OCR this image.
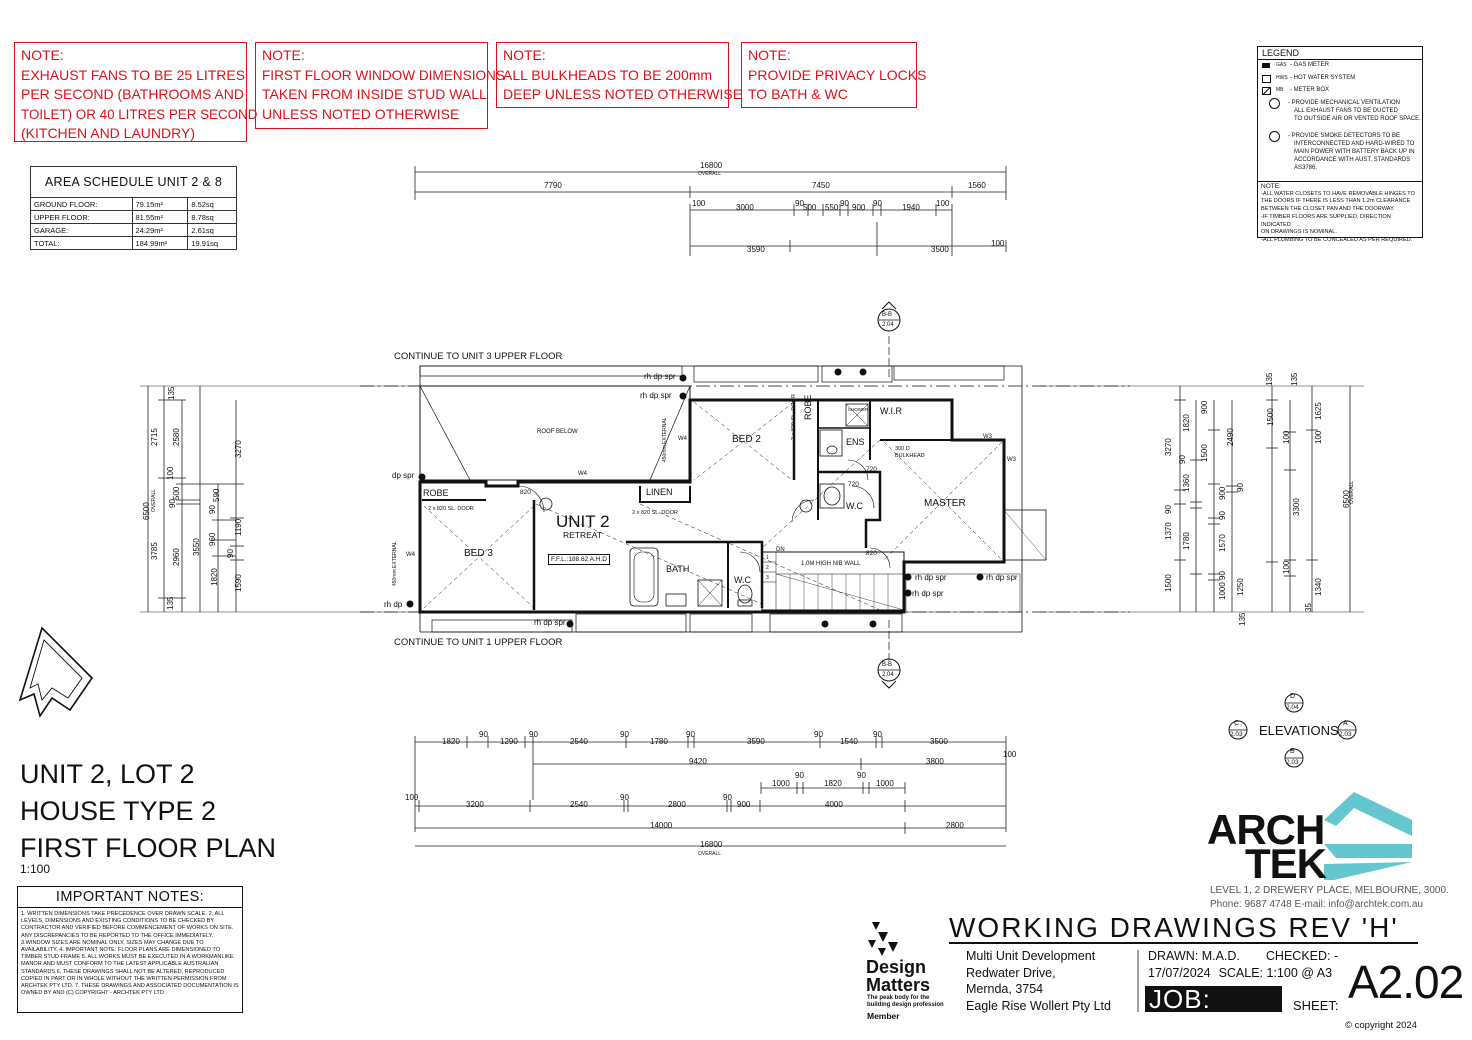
NOTE:
EXHAUST FANS TO BE 25 LITRES
PER SECOND (BATHROOMS AND
TOILET) OR 40 LITRES PER SECOND
(KITCHEN AND LAUNDRY)
NOTE:
FIRST FLOOR WINDOW DIMENSIONS
TAKEN FROM INSIDE STUD WALL
UNLESS NOTED OTHERWISE
NOTE:
ALL BULKHEADS TO BE 200mm
DEEP UNLESS NOTED OTHERWISE
NOTE:
PROVIDE PRIVACY LOCKS
TO BATH & WC
AREA SCHEDULE UNIT 2 & 8		
GROUND FLOOR:	79.15m²	8.52sq
UPPER FLOOR:	81.55m²	8.78sq
GARAGE:	24.29m²	2.61sq
TOTAL:	184.99m²	19.91sq
LEGEND
GAS - GAS METER
HWS - HOT WATER SYSTEM
MB - METER BOX
- PROVIDE MECHANICAL VENTILATION
ALL EXHAUST FANS TO BE DUCTED
TO OUTSIDE AIR OR VENTED ROOF SPACE.
- PROVIDE SMOKE DETECTORS TO BE
INTERCONNECTED AND HARD-WIRED TO
MAIN POWER WITH BATTERY BACK UP IN
ACCORDANCE WITH AUST. STANDARDS
AS3786.
NOTE:
-ALL WATER CLOSETS TO HAVE REMOVABLE HINGES TO
THE DOORS IF THERE IS LESS THAN 1.2m CLEARANCE
BETWEEN THE CLOSET PAN AND THE DOORWAY.
-IF TIMBER FLOORS ARE SUPPLIED, DIRECTION INDICATED
ON DRAWINGS IS NOMINAL.
-ALL PLUMBING TO BE CONCEALED AS PER REQUIRED.
CONTINUE TO UNIT 3 UPPER FLOOR
CONTINUE TO UNIT 1 UPPER FLOOR
ROOF BELOW
UNIT 2
RETREAT
F.F.L.:188.62 A.H.D
BED 2
BED 3
MASTER
ENS
W.I.R
LINEN
BATH
W.C
W.C
ROBE
ROBE
2 x 820 SL. DOOR
2 x 820 SL. DOOR
2 x 820 SL. DOOR
300 D BULKHEAD
1.0M HIGH NIB WALL
450mm EXTERNAL
450mm EXTERNAL
820
820
720
720
W4
W4
W4
W3
W3
DN
SHOWER
1
2
3
rh dp spr
rh dp spr
dp spr
rh dp
rh dp spr
rh dp spr	rh dp spr
rh dp spr
B-B
2.04
B-B
2.04
16800
OVERALL
7790	7450	1560
100	3000	90 500 550 90 900 90	1940 100
3590	3500
100
1820
90
1290
90
2540
90
1780
90
3590
90
1540
90
3500
100
9420	3800
90
1000	1820	1000
90
100
3200	2540
90
2800
90
900	4000
14000	2800
16800
OVERALL
6500 OVERALL
135
2715
100
3785
135
2580
500
90
2960
1820
3550
90
590
3270
1190
90
960
1590
6500
OVERALL
135
3270
90
1370
1500
135
1820
1360
90
1780
1000
900
1500
900
90
1570
90
1250
2490
90
100
100
3300
35
1500	1625
1340
135
100
ELEVATIONS
D
2.04
C
2.03
A
2.03
B
2.03
UNIT 2, LOT 2
HOUSE TYPE 2
FIRST FLOOR PLAN
1:100
IMPORTANT NOTES:
1. WRITTEN DIMENSIONS TAKE PRECEDENCE OVER DRAWN SCALE. 2. ALL LEVELS, DIMENSIONS AND EXISTING CONDITIONS TO BE CHECKED BY CONTRACTOR AND VERIFIED BEFORE COMMENCEMENT OF WORKS ON SITE. ANY DISCREPANCIES TO BE REPORTED TO THE OFFICE IMMEDIATELY. 3.WINDOW SIZES ARE NOMINAL ONLY, SIZES MAY CHANGE DUE TO AVAILABILITY. 4. IMPORTANT NOTE: FLOOR PLANS ARE DIMENSIONED TO TIMBER STUD FRAME 5. ALL WORKS MUST BE EXECUTED IN A WORKMANLIKE MANOR AND MUST CONFORM TO THE LATEST APPLICABLE AUSTRALIAN STANDARDS 6. THESE DRAWINGS SHALL NOT BE ALTERED, REPRODUCED COPIED IN PART OR IN WHOLE WITHOUT THE WRITTEN PERMISSION FROM ARCHTEK PTY LTD. 7. THESE DRAWINGS AND ASSOCIATED DOCUMENTATION IS OWNED BY AND (C) COPYRIGHT - ARCHTEK PTY LTD
ARCH
TEK
LEVEL 1, 2 DREWERY PLACE, MELBOURNE, 3000.
Phone: 9687 4748 E-mail: info@archtek.com.au
Design
Matters
The peak body for the
building design profession
Member
WORKING DRAWINGS REV 'H'
Multi Unit Development
Redwater Drive,
Mernda, 3754
Eagle Rise Wollert Pty Ltd
DRAWN: M.A.D. CHECKED: -
17/07/2024 SCALE: 1:100 @ A3
JOB: 300.18
SHEET: A2.02
© copyright 2024
